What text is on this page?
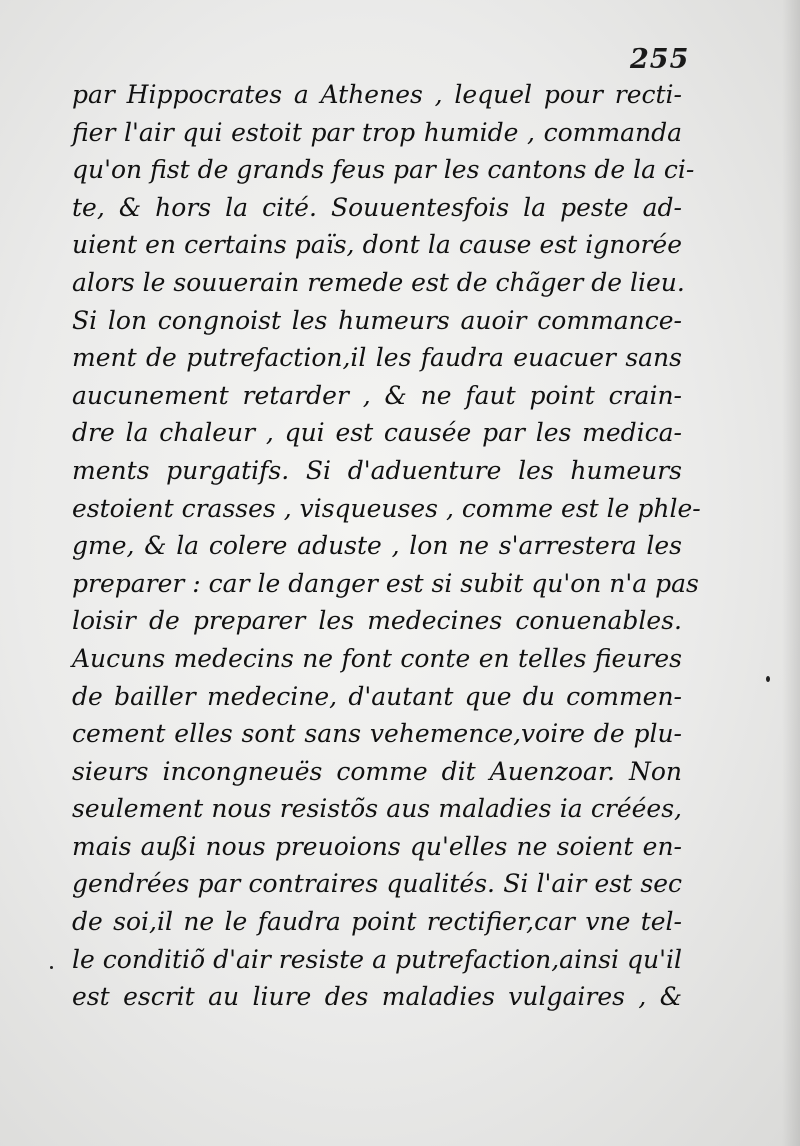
255
par Hippocrates a Athenes , lequel pour recti-
fier l'air qui estoit par trop humide , commanda
qu'on fist de grands feus par les cantons de la ci-
te, & hors la cité. Souuentesfois la peste ad-
uient en certains païs, dont la cause est ignorée
alors le souuerain remede est de chãger de lieu.
Si lon congnoist les humeurs auoir commance-
ment de putrefaction,il les faudra euacuer sans
aucunement retarder , & ne faut point crain-
dre la chaleur , qui est causée par les medica-
ments purgatifs. Si d'aduenture les humeurs
estoient crasses , visqueuses , comme est le phle-
gme, & la colere aduste , lon ne s'arrestera les
preparer : car le danger est si subit qu'on n'a pas
loisir de preparer les medecines conuenables.
Aucuns medecins ne font conte en telles fieures
de bailler medecine, d'autant que du commen-
cement elles sont sans vehemence,voire de plu-
sieurs incongneuës comme dit Auenzoar. Non
seulement nous resistõs aus maladies ia créées,
mais außi nous preuoions qu'elles ne soient en-
gendrées par contraires qualités. Si l'air est sec
de soi,il ne le faudra point rectifier,car vne tel-
le conditiõ d'air resiste a putrefaction,ainsi qu'il
est escrit au liure des maladies vulgaires , &
